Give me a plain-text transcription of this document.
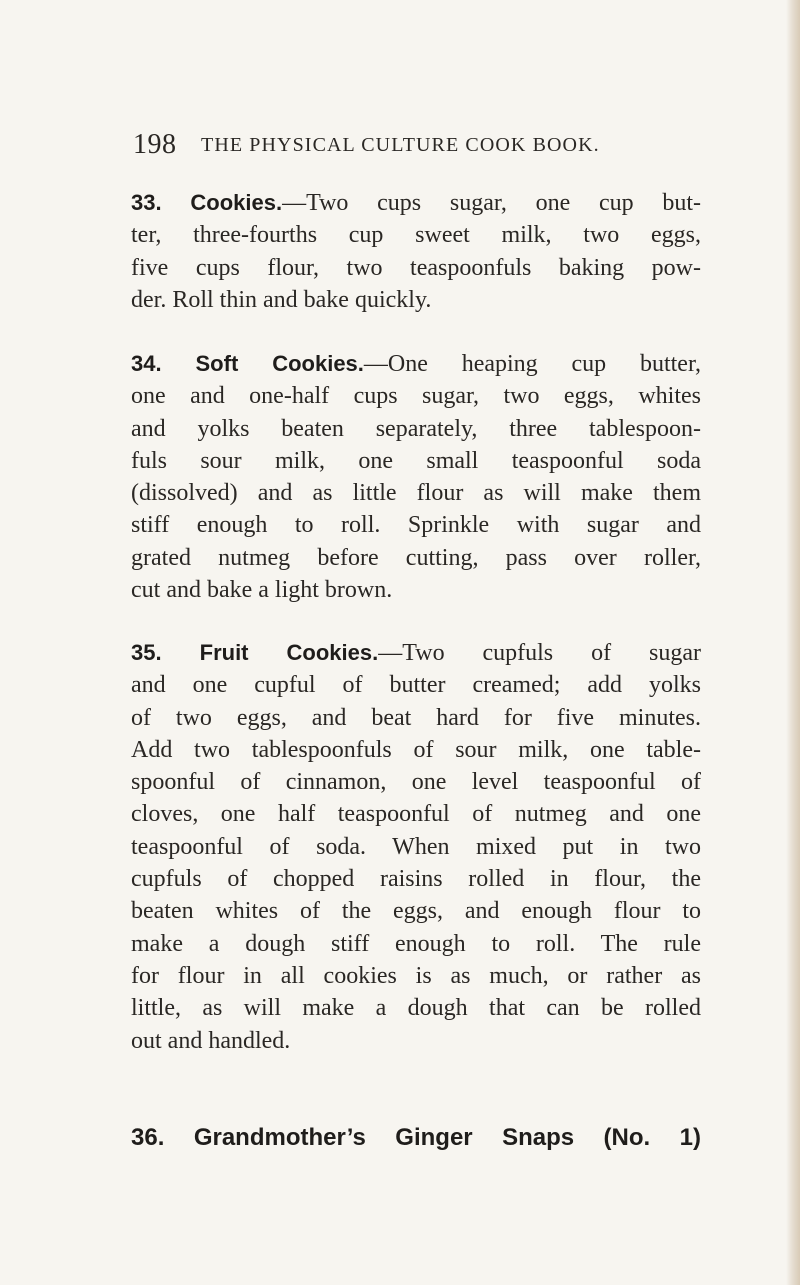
198 THE PHYSICAL CULTURE COOK BOOK.
33. Cookies.—Two cups sugar, one cup but-
ter, three-fourths cup sweet milk, two eggs,
five cups flour, two teaspoonfuls baking pow-
der. Roll thin and bake quickly.
34. Soft Cookies.—One heaping cup butter,
one and one-half cups sugar, two eggs, whites
and yolks beaten separately, three tablespoon-
fuls sour milk, one small teaspoonful soda
(dissolved) and as little flour as will make them
stiff enough to roll. Sprinkle with sugar and
grated nutmeg before cutting, pass over roller,
cut and bake a light brown.
35. Fruit Cookies.—Two cupfuls of sugar
and one cupful of butter creamed; add yolks
of two eggs, and beat hard for five minutes.
Add two tablespoonfuls of sour milk, one table-
spoonful of cinnamon, one level teaspoonful of
cloves, one half teaspoonful of nutmeg and one
teaspoonful of soda. When mixed put in two
cupfuls of chopped raisins rolled in flour, the
beaten whites of the eggs, and enough flour to
make a dough stiff enough to roll. The rule
for flour in all cookies is as much, or rather as
little, as will make a dough that can be rolled
out and handled.
36. Grandmother’s Ginger Snaps (No. 1)
